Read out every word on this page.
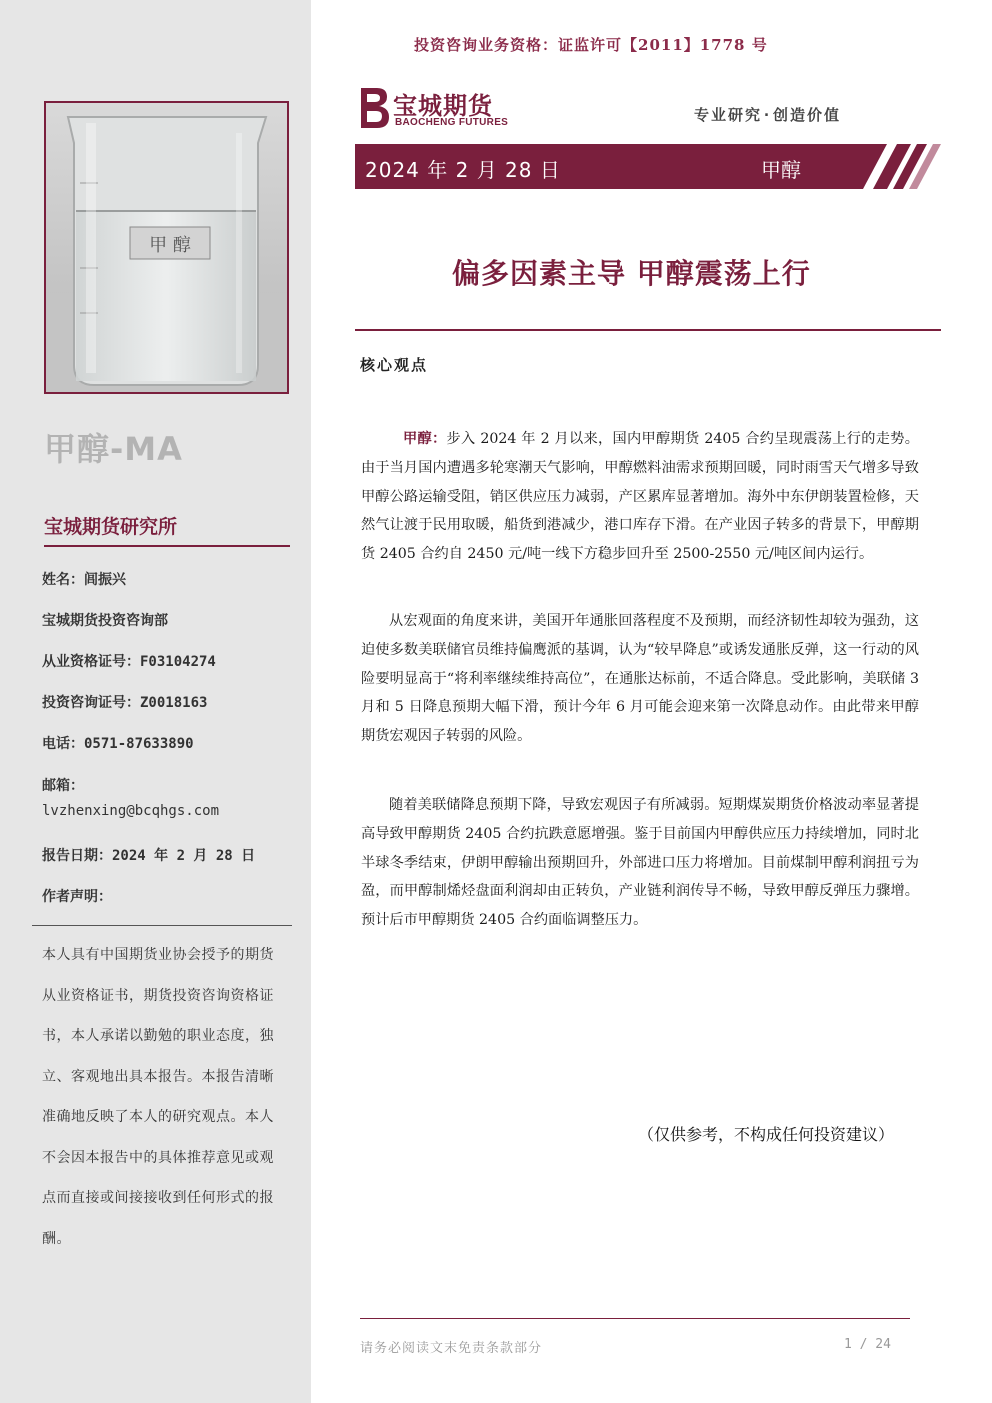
甲 醇
甲醇-MA
宝城期货研究所
姓名：闾振兴
宝城期货投资咨询部
从业资格证号：F03104274
投资咨询证号：Z0018163
电话：0571-87633890
邮箱：
lvzhenxing@bcqhgs.com
报告日期：2024 年 2 月 28 日
作者声明：
本人具有中国期货业协会授予的期货从业资格证书，期货投资咨询资格证书，本人承诺以勤勉的职业态度，独立、客观地出具本报告。本报告清晰准确地反映了本人的研究观点。本人不会因本报告中的具体推荐意见或观点而直接或间接接收到任何形式的报酬。
投资咨询业务资格：证监许可【2011】1778 号
宝城期货
BAOCHENG FUTURES	专业研究·创造价值
2024 年 2 月 28 日	甲醇
偏多因素主导 甲醇震荡上行
核心观点
甲醇：步入 2024 年 2 月以来，国内甲醇期货 2405 合约呈现震荡上行的走势。由于当月国内遭遇多轮寒潮天气影响，甲醇燃料油需求预期回暖，同时雨雪天气增多导致甲醇公路运输受阻，销区供应压力减弱，产区累库显著增加。海外中东伊朗装置检修，天然气让渡于民用取暖，船货到港减少，港口库存下滑。在产业因子转多的背景下，甲醇期货 2405 合约自 2450 元/吨一线下方稳步回升至 2500-2550 元/吨区间内运行。
从宏观面的角度来讲，美国开年通胀回落程度不及预期，而经济韧性却较为强劲，这迫使多数美联储官员维持偏鹰派的基调，认为“较早降息”或诱发通胀反弹，这一行动的风险要明显高于“将利率继续维持高位”，在通胀达标前，不适合降息。受此影响，美联储 3 月和 5 日降息预期大幅下滑，预计今年 6 月可能会迎来第一次降息动作。由此带来甲醇期货宏观因子转弱的风险。
随着美联储降息预期下降，导致宏观因子有所减弱。短期煤炭期货价格波动率显著提高导致甲醇期货 2405 合约抗跌意愿增强。鉴于目前国内甲醇供应压力持续增加，同时北半球冬季结束，伊朗甲醇输出预期回升，外部进口压力将增加。目前煤制甲醇利润扭亏为盈，而甲醇制烯烃盘面利润却由正转负，产业链利润传导不畅，导致甲醇反弹压力骤增。预计后市甲醇期货 2405 合约面临调整压力。
（仅供参考，不构成任何投资建议）
请务必阅读文末免责条款部分	1 / 24
